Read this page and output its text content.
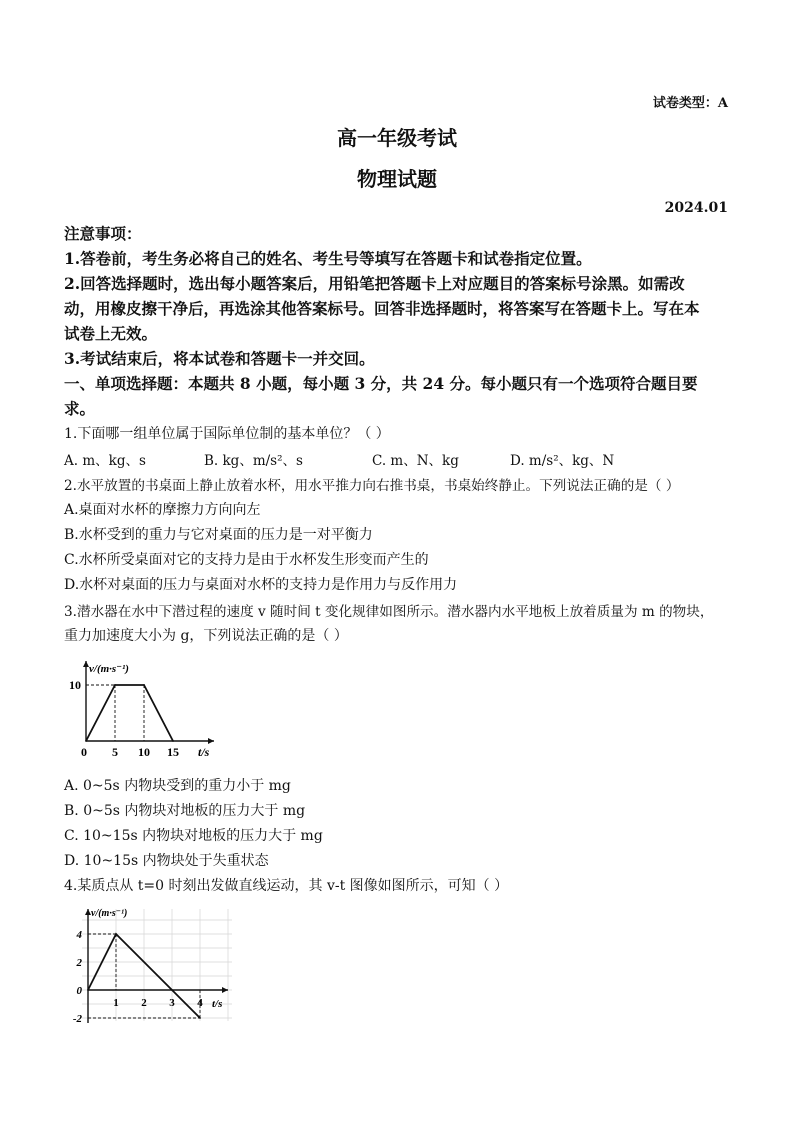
试卷类型：A
高一年级考试
物理试题
2024.01
注意事项：
1.答卷前，考生务必将自己的姓名、考生号等填写在答题卡和试卷指定位置。
2.回答选择题时，选出每小题答案后，用铅笔把答题卡上对应题目的答案标号涂黑。如需改
动，用橡皮擦干净后，再选涂其他答案标号。回答非选择题时，将答案写在答题卡上。写在本
试卷上无效。
3.考试结束后，将本试卷和答题卡一并交回。
一、单项选择题：本题共 8 小题，每小题 3 分，共 24 分。每小题只有一个选项符合题目要
求。
1.下面哪一组单位属于国际单位制的基本单位？（ ）
A. m、kg、s	B. kg、m/s²、s	C. m、N、kg	D. m/s²、kg、N
2.水平放置的书桌面上静止放着水杯，用水平推力向右推书桌，书桌始终静止。下列说法正确的是（ ）
A.桌面对水杯的摩擦力方向向左
B.水杯受到的重力与它对桌面的压力是一对平衡力
C.水杯所受桌面对它的支持力是由于水杯发生形变而产生的
D.水杯对桌面的压力与桌面对水杯的支持力是作用力与反作用力
3.潜水器在水中下潜过程的速度 v 随时间 t 变化规律如图所示。潜水器内水平地板上放着质量为 m 的物块，
重力加速度大小为 g，下列说法正确的是（ ）
v/(m·s⁻¹)
t/s
10
0 5 10 15
A. 0~5s 内物块受到的重力小于 mg
B. 0~5s 内物块对地板的压力大于 mg
C. 10~15s 内物块对地板的压力大于 mg
D. 10~15s 内物块处于失重状态
4.某质点从 t=0 时刻出发做直线运动，其 v-t 图像如图所示，可知（ ）
v/(m·s⁻¹)
t/s
4
2
0
-2
1 2 3 4
